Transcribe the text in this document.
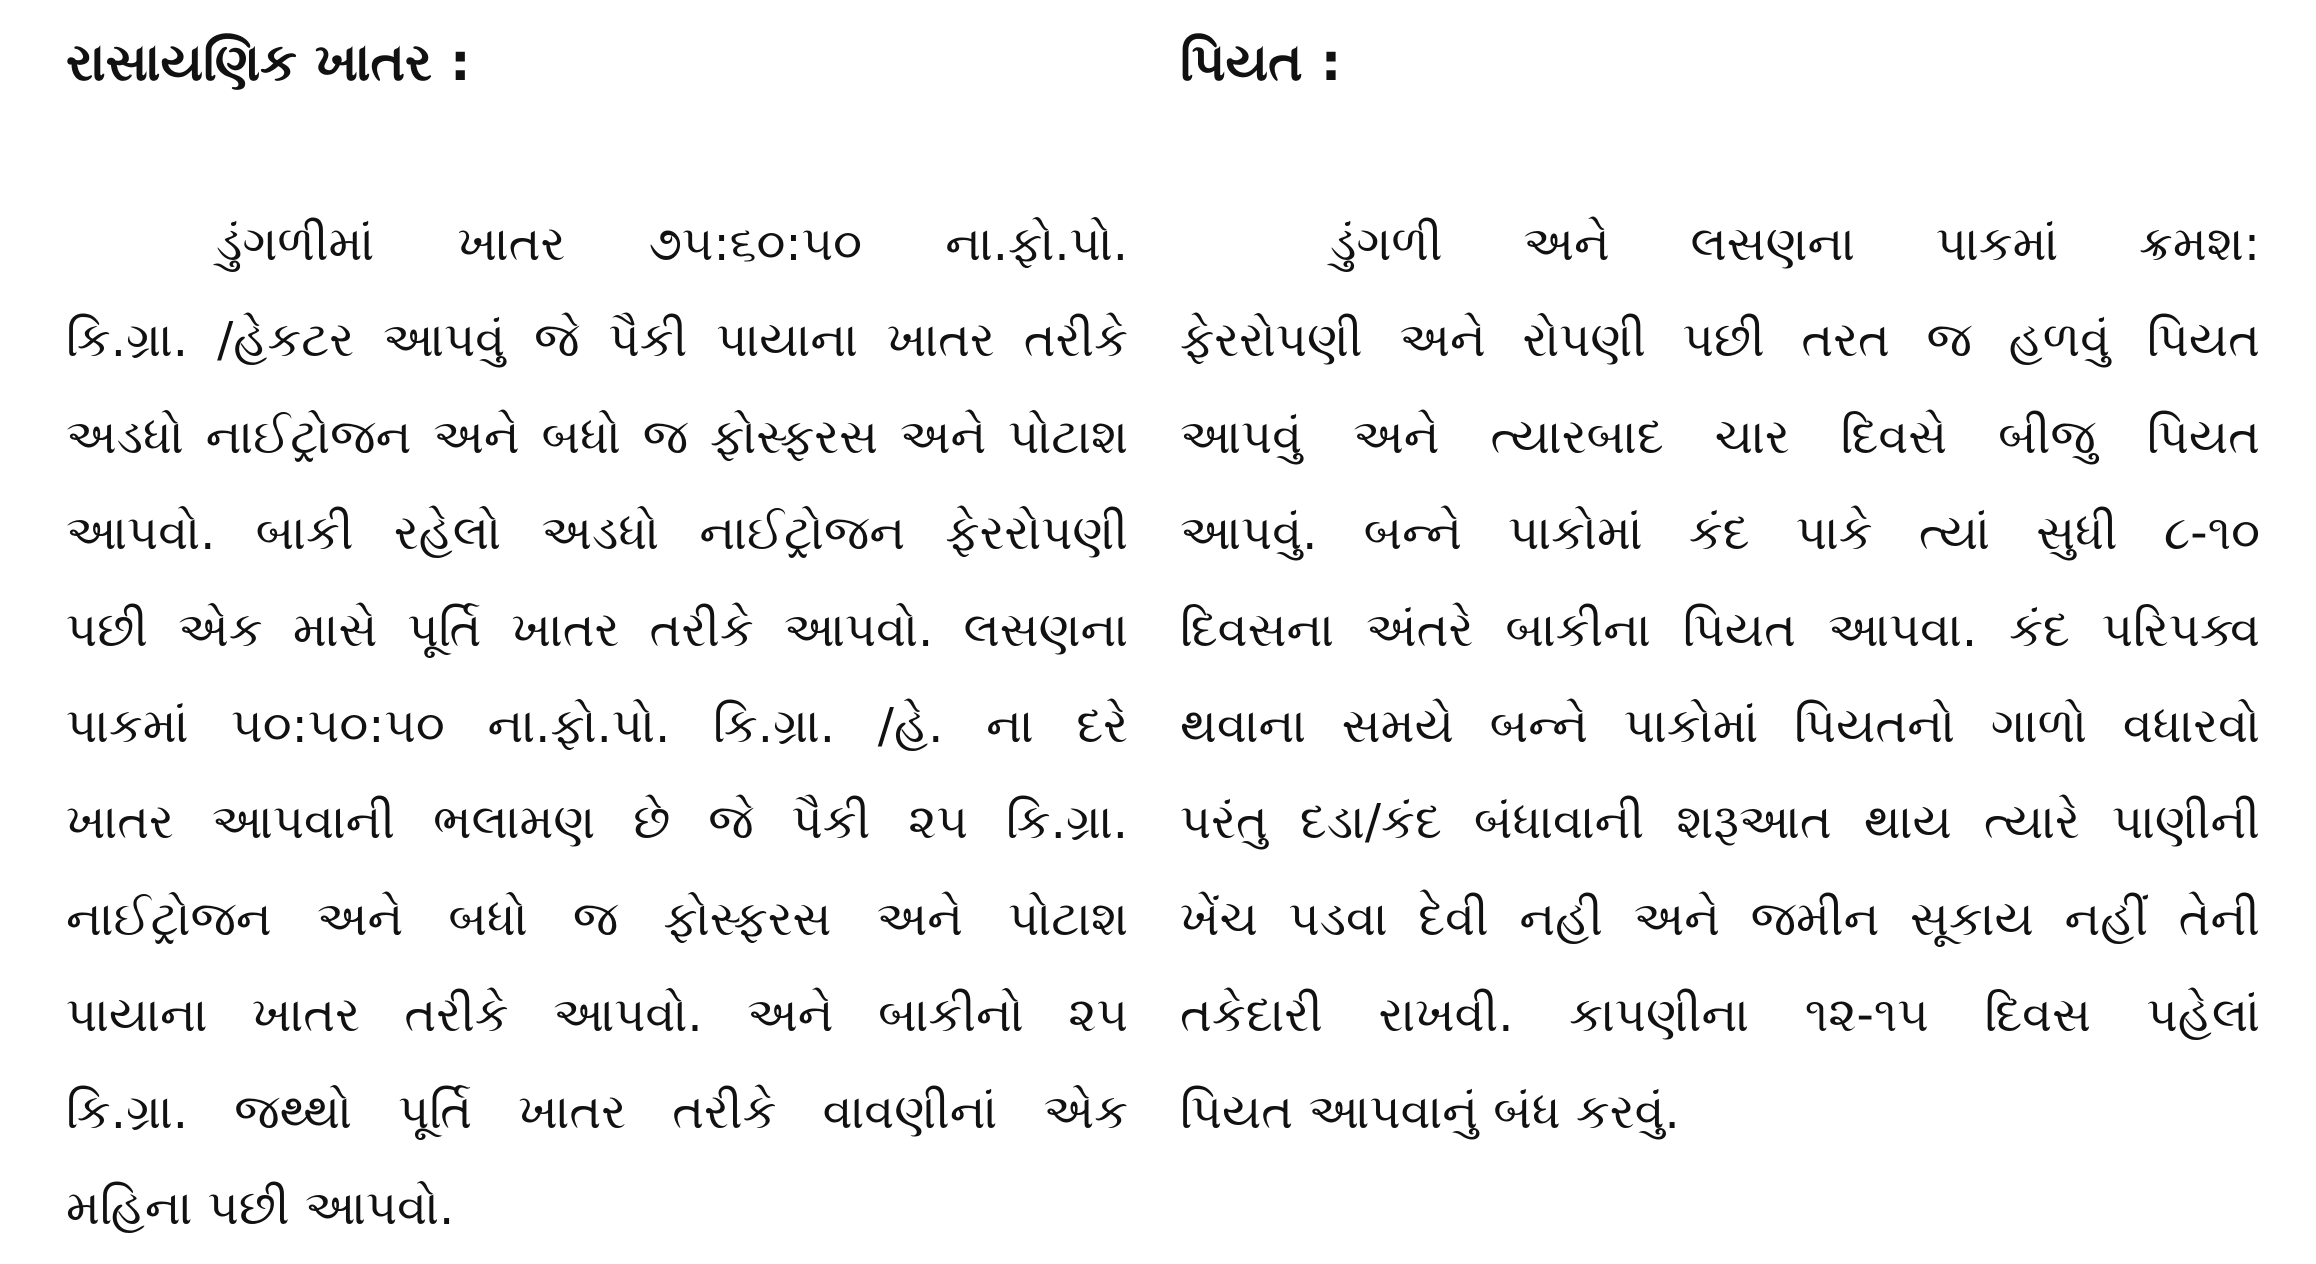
રાસાયણિક ખાતર :
ડુંગળીમાં ખાતર ૭૫:૬૦:૫૦ ના.ફો.પો.
કિ.ગ્રા. /હેકટર આપવું જે પૈકી પાયાના ખાતર તરીકે
અડધો નાઈટ્રોજન અને બધો જ ફોસ્ફરસ અને પોટાશ
આપવો. બાકી રહેલો અડધો નાઈટ્રોજન ફેરરોપણી
પછી એક માસે પૂર્તિ ખાતર તરીકે આપવો. લસણના
પાકમાં ૫૦:૫૦:૫૦ ના.ફો.પો. કિ.ગ્રા. /હે. ના દરે
ખાતર આપવાની ભલામણ છે જે પૈકી ૨૫ કિ.ગ્રા.
નાઈટ્રોજન અને બધો જ ફોસ્ફરસ અને પોટાશ
પાયાના ખાતર તરીકે આપવો. અને બાકીનો ૨૫
કિ.ગ્રા. જથ્થો પૂર્તિ ખાતર તરીકે વાવણીનાં એક
મહિના પછી આપવો.
પિયત :
ડુંગળી અને લસણના પાકમાં ક્રમશ:
ફેરરોપણી અને રોપણી પછી તરત જ હળવું પિયત
આપવું અને ત્યારબાદ ચાર દિવસે બીજુ પિયત
આપવું. બન્ને પાકોમાં કંદ પાકે ત્યાં સુધી ૮-૧૦
દિવસના અંતરે બાકીના પિયત આપવા. કંદ પરિપક્વ
થવાના સમયે બન્ને પાકોમાં પિયતનો ગાળો વધારવો
પરંતુ દડા/કંદ બંધાવાની શરૂઆત થાય ત્યારે પાણીની
ખેંચ પડવા દેવી નહી અને જમીન સૂકાય નહીં તેની
તકેદારી રાખવી. કાપણીના ૧૨-૧૫ દિવસ પહેલાં
પિયત આપવાનું બંધ કરવું.
